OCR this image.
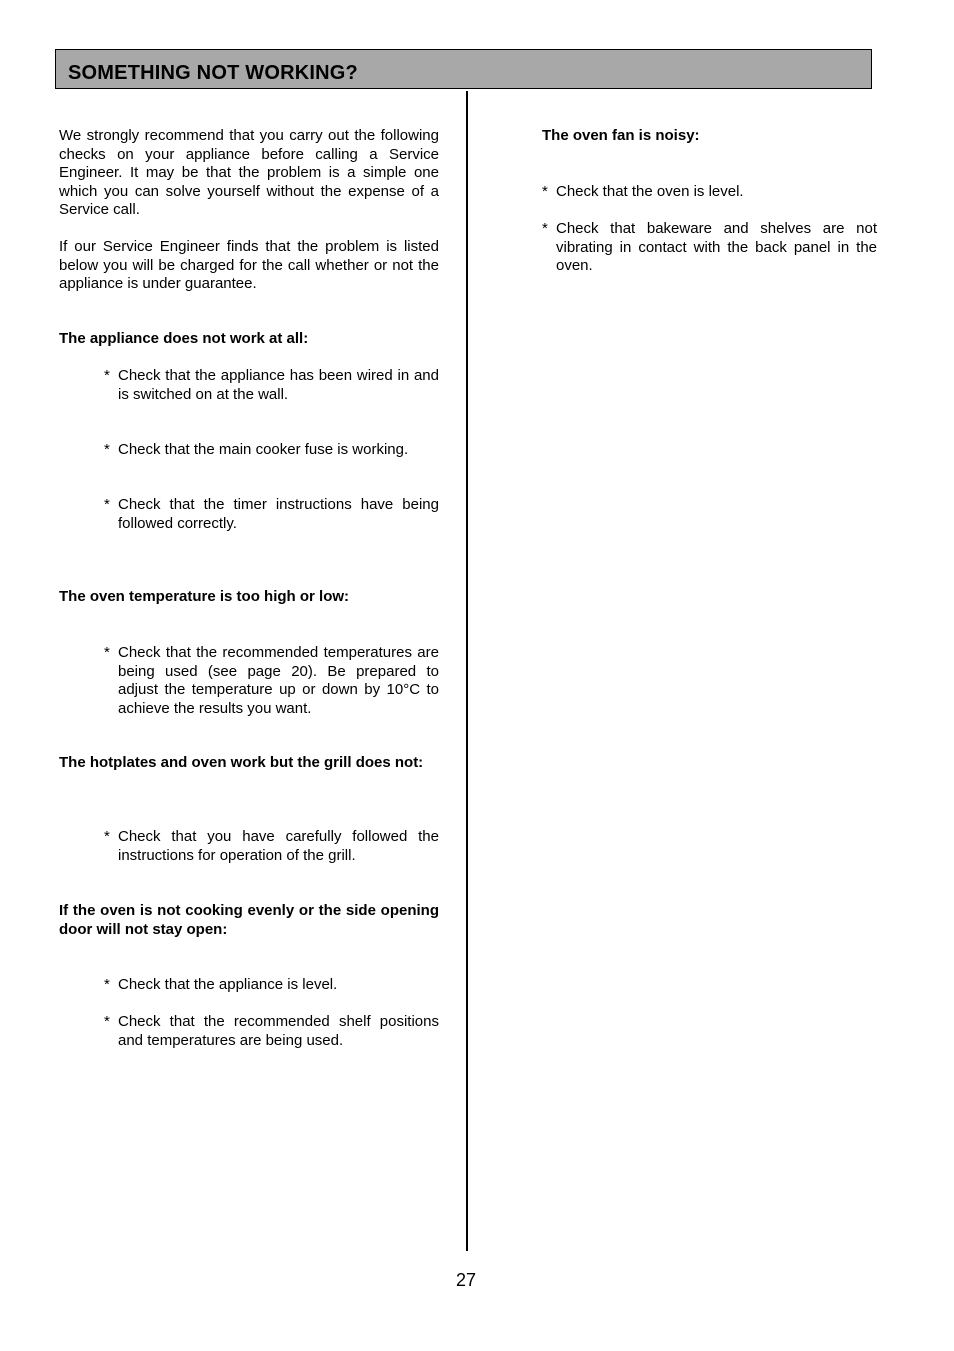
SOMETHING NOT WORKING?

We strongly recommend that you carry out the following checks on your appliance before calling a Service Engineer. It may be that the problem is a simple one which you can solve yourself without the expense of a Service call.

If our Service Engineer finds that the problem is listed below you will be charged for the call whether or not the appliance is under guarantee.

The appliance does not work at all:

* Check that the appliance has been wired in and is switched on at the wall.
* Check that the main cooker fuse is working.
* Check that the timer instructions have being followed correctly.

The oven temperature is too high or low:

* Check that the recommended temperatures are being used (see page 20). Be prepared to adjust the temperature up or down by 10°C to achieve the results you want.

The hotplates and oven work but the grill does not:

* Check that you have carefully followed the instructions for operation of the grill.

If the oven is not cooking evenly or the side opening door will not stay open:

* Check that the appliance is level.
* Check that the recommended shelf positions and temperatures are being used.

The oven fan is noisy:

* Check that the oven is level.
* Check that bakeware and shelves are not vibrating in contact with the back panel in the oven.
27
